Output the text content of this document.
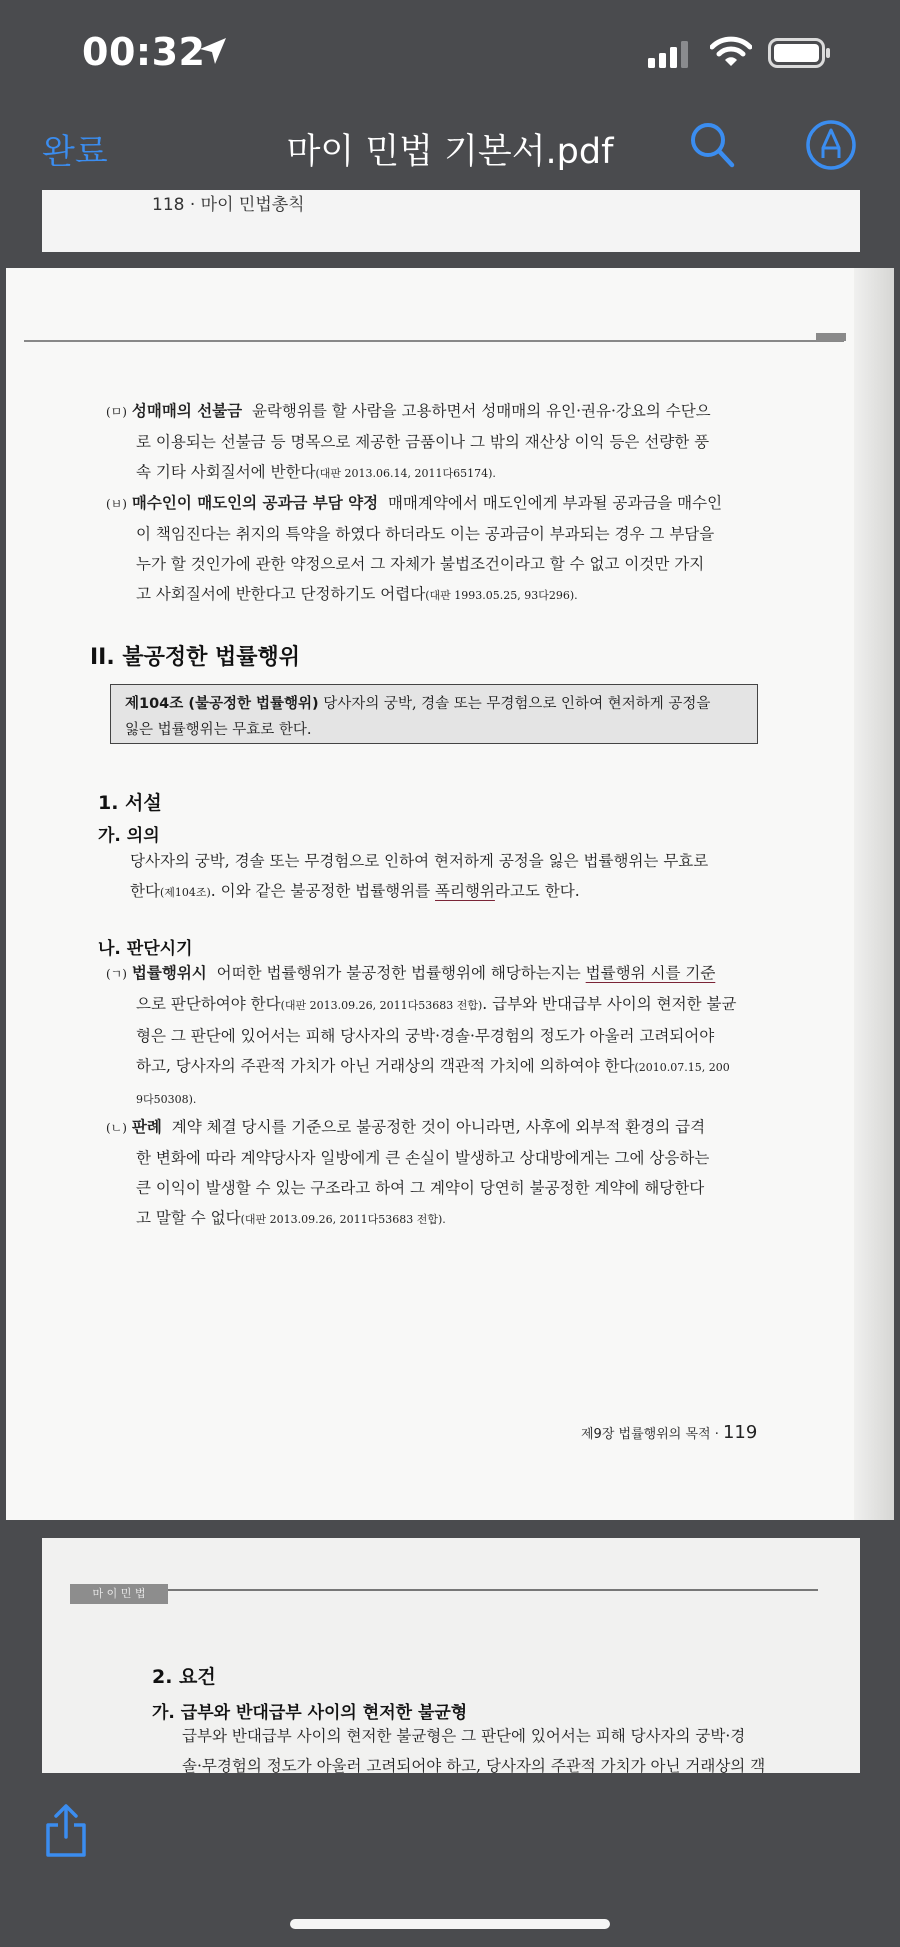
00:32
완료	마이 민법 기본서.pdf
118 · 마이 민법총칙
(ㅁ) 성매매의 선불금 윤락행위를 할 사람을 고용하면서 성매매의 유인·권유·강요의 수단으
로 이용되는 선불금 등 명목으로 제공한 금품이나 그 밖의 재산상 이익 등은 선량한 풍
속 기타 사회질서에 반한다(대판 2013.06.14, 2011다65174).
(ㅂ) 매수인이 매도인의 공과금 부담 약정 매매계약에서 매도인에게 부과될 공과금을 매수인
이 책임진다는 취지의 특약을 하였다 하더라도 이는 공과금이 부과되는 경우 그 부담을
누가 할 것인가에 관한 약정으로서 그 자체가 불법조건이라고 할 수 없고 이것만 가지
고 사회질서에 반한다고 단정하기도 어렵다(대판 1993.05.25, 93다296).
II. 불공정한 법률행위
제104조 (불공정한 법률행위) 당사자의 궁박, 경솔 또는 무경험으로 인하여 현저하게 공정을
잃은 법률행위는 무효로 한다.
1. 서설
가. 의의
당사자의 궁박, 경솔 또는 무경험으로 인하여 현저하게 공정을 잃은 법률행위는 무효로
한다(제104조). 이와 같은 불공정한 법률행위를 폭리행위라고도 한다.
나. 판단시기
(ㄱ) 법률행위시 어떠한 법률행위가 불공정한 법률행위에 해당하는지는 법률행위 시를 기준
으로 판단하여야 한다(대판 2013.09.26, 2011다53683 전합). 급부와 반대급부 사이의 현저한 불균
형은 그 판단에 있어서는 피해 당사자의 궁박·경솔·무경험의 정도가 아울러 고려되어야
하고, 당사자의 주관적 가치가 아닌 거래상의 객관적 가치에 의하여야 한다(2010.07.15, 200
9다50308).
(ㄴ) 판례 계약 체결 당시를 기준으로 불공정한 것이 아니라면, 사후에 외부적 환경의 급격
한 변화에 따라 계약당사자 일방에게 큰 손실이 발생하고 상대방에게는 그에 상응하는
큰 이익이 발생할 수 있는 구조라고 하여 그 계약이 당연히 불공정한 계약에 해당한다
고 말할 수 없다(대판 2013.09.26, 2011다53683 전합).
제9장 법률행위의 목적 · 119
마 이 민 법
2. 요건
가. 급부와 반대급부 사이의 현저한 불균형
급부와 반대급부 사이의 현저한 불균형은 그 판단에 있어서는 피해 당사자의 궁박·경
솔·무경험의 정도가 아울러 고려되어야 하고, 당사자의 주관적 가치가 아닌 거래상의 객
